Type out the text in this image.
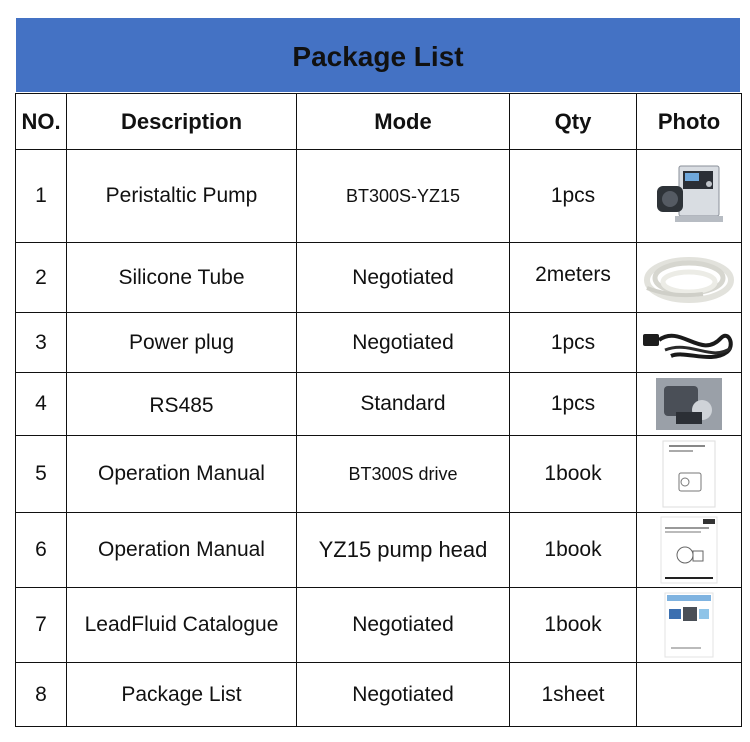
Package List
NO.	Description	Mode	Qty	Photo
1	Peristaltic Pump	BT300S-YZ15	1pcs	

2	Silicone Tube	Negotiated	2meters	

3	Power plug	Negotiated	1pcs	

4	RS485	Standard	1pcs	

5	Operation Manual	BT300S drive	1book	

6	Operation Manual	YZ15 pump head	1book	

7	LeadFluid Catalogue	Negotiated	1book	

8	Package List	Negotiated	1sheet	
